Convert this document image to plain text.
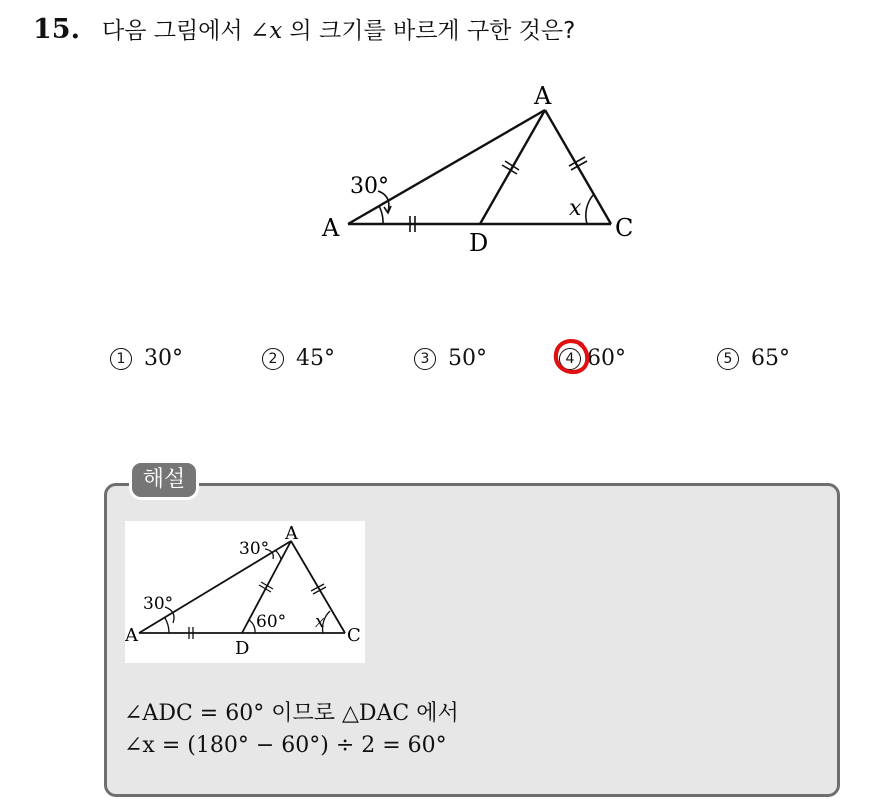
15. 다음 그림에서 ∠x 의 크기를 바르게 구한 것은?
A
A
D
C
30°
x
1 30°	2 45°	3 50°	4 60°	5 65°
해설
A
A
D
C
30°
30°
60° x
∠ADC = 60° 이므로 △DAC 에서
∠x = (180° − 60°) ÷ 2 = 60°
